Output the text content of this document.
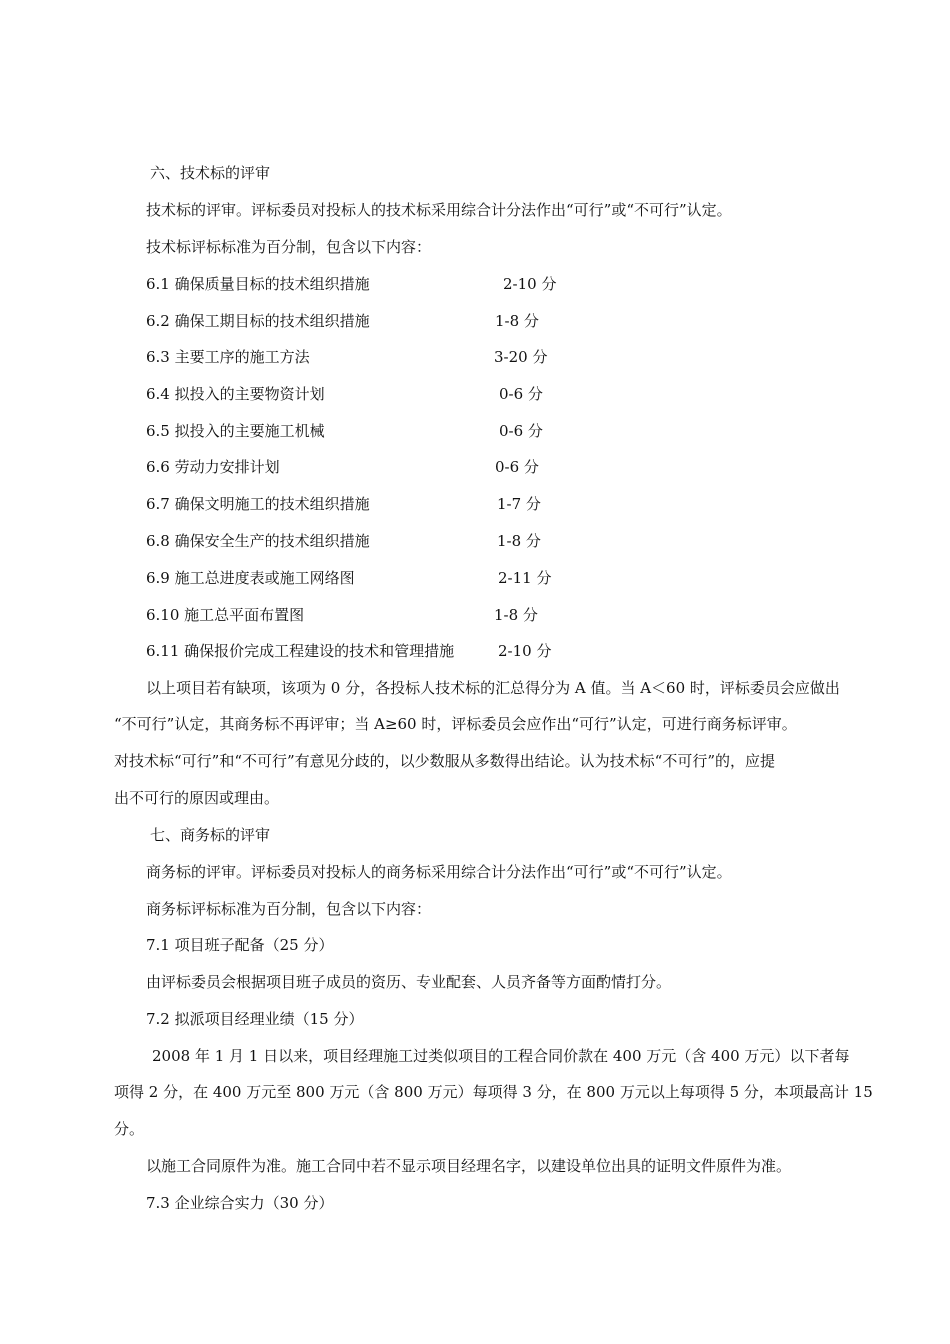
六、技术标的评审
技术标的评审。评标委员对投标人的技术标采用综合计分法作出“可行”或“不可行”认定。
技术标评标标准为百分制，包含以下内容：
6.1 确保质量目标的技术组织措施	2-10 分
6.2 确保工期目标的技术组织措施	1-8 分
6.3 主要工序的施工方法	3-20 分
6.4 拟投入的主要物资计划	0-6 分
6.5 拟投入的主要施工机械	0-6 分
6.6 劳动力安排计划	0-6 分
6.7 确保文明施工的技术组织措施	1-7 分
6.8 确保安全生产的技术组织措施	1-8 分
6.9 施工总进度表或施工网络图	2-11 分
6.10 施工总平面布置图	1-8 分
6.11 确保报价完成工程建设的技术和管理措施	2-10 分
以上项目若有缺项，该项为 0 分，各投标人技术标的汇总得分为 A 值。当 A＜60 时，评标委员会应做出
“不可行”认定，其商务标不再评审；当 A≥60 时，评标委员会应作出“可行”认定，可进行商务标评审。
对技术标“可行”和“不可行”有意见分歧的，以少数服从多数得出结论。认为技术标“不可行”的，应提
出不可行的原因或理由。
七、商务标的评审
商务标的评审。评标委员对投标人的商务标采用综合计分法作出“可行”或“不可行”认定。
商务标评标标准为百分制，包含以下内容：
7.1 项目班子配备（25 分）
由评标委员会根据项目班子成员的资历、专业配套、人员齐备等方面酌情打分。
7.2 拟派项目经理业绩（15 分）
2008 年 1 月 1 日以来，项目经理施工过类似项目的工程合同价款在 400 万元（含 400 万元）以下者每
项得 2 分，在 400 万元至 800 万元（含 800 万元）每项得 3 分，在 800 万元以上每项得 5 分，本项最高计 15
分。
以施工合同原件为准。施工合同中若不显示项目经理名字，以建设单位出具的证明文件原件为准。
7.3 企业综合实力（30 分）
